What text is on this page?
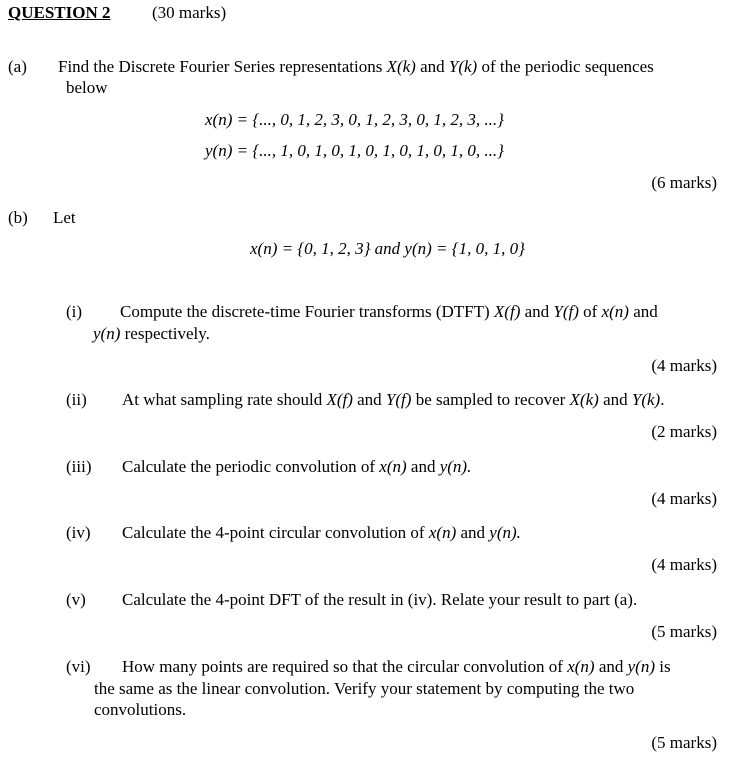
QUESTION 2 (30 marks)
(a) Find the Discrete Fourier Series representations X(k) and Y(k) of the periodic sequences
below
x(n) = {..., 0, 1, 2, 3, 0, 1, 2, 3, 0, 1, 2, 3, ...}
y(n) = {..., 1, 0, 1, 0, 1, 0, 1, 0, 1, 0, 1, 0, ...}
(6 marks)
(b) Let
x(n) = {0, 1, 2, 3} and y(n) = {1, 0, 1, 0}
(i) Compute the discrete-time Fourier transforms (DTFT) X(f) and Y(f) of x(n) and
y(n) respectively.
(4 marks)
(ii) At what sampling rate should X(f) and Y(f) be sampled to recover X(k) and Y(k).
(2 marks)
(iii) Calculate the periodic convolution of x(n) and y(n).
(4 marks)
(iv) Calculate the 4-point circular convolution of x(n) and y(n).
(4 marks)
(v) Calculate the 4-point DFT of the result in (iv). Relate your result to part (a).
(5 marks)
(vi) How many points are required so that the circular convolution of x(n) and y(n) is
the same as the linear convolution. Verify your statement by computing the two
convolutions.
(5 marks)
